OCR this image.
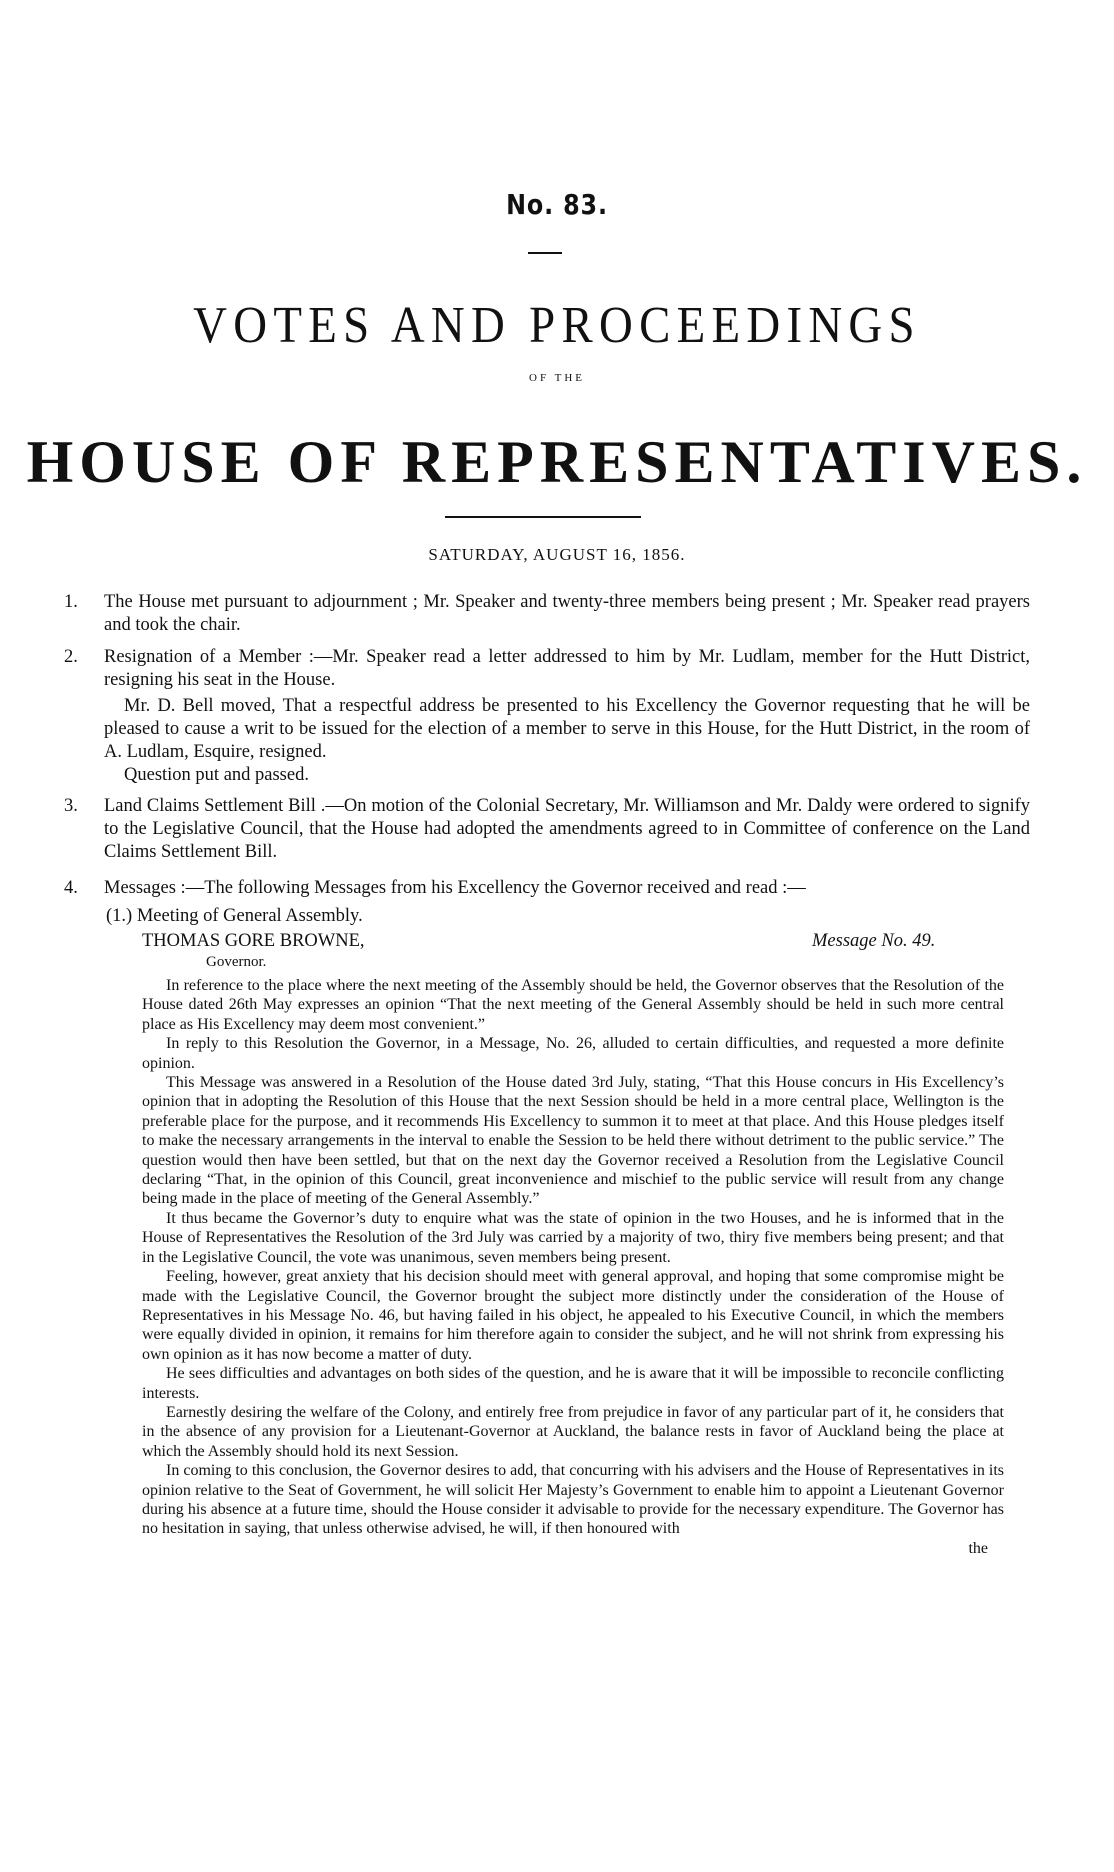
No. 83.
VOTES AND PROCEEDINGS
OF THE
HOUSE OF REPRESENTATIVES.
SATURDAY, AUGUST 16, 1856.

1. The House met pursuant to adjournment ; Mr. Speaker and twenty-three members being present ; Mr. Speaker read prayers and took the chair.

2. Resignation of a Member :—Mr. Speaker read a letter addressed to him by Mr. Ludlam, member for the Hutt District, resigning his seat in the House.

Mr. D. Bell moved, That a respectful address be presented to his Excellency the Governor requesting that he will be pleased to cause a writ to be issued for the election of a member to serve in this House, for the Hutt District, in the room of A. Ludlam, Esquire, resigned.

Question put and passed.

3. Land Claims Settlement Bill .—On motion of the Colonial Secretary, Mr. Williamson and Mr. Daldy were ordered to signify to the Legislative Council, that the House had adopted the amendments agreed to in Committee of conference on the Land Claims Settlement Bill.

4. Messages :—The following Messages from his Excellency the Governor received and read :—

(1.) Meeting of General Assembly.
THOMAS GORE BROWNE,	Message No. 49.
Governor.

In reference to the place where the next meeting of the Assembly should be held, the Governor observes that the Resolution of the House dated 26th May expresses an opinion “That the next meeting of the General Assembly should be held in such more central place as His Excellency may deem most convenient.”

In reply to this Resolution the Governor, in a Message, No. 26, alluded to certain difficulties, and requested a more definite opinion.

This Message was answered in a Resolution of the House dated 3rd July, stating, “That this House concurs in His Excellency’s opinion that in adopting the Resolution of this House that the next Session should be held in a more central place, Wellington is the preferable place for the purpose, and it recommends His Excellency to summon it to meet at that place. And this House pledges itself to make the necessary arrangements in the interval to enable the Session to be held there without detriment to the public service.” The question would then have been settled, but that on the next day the Governor received a Resolution from the Legislative Council declaring “That, in the opinion of this Council, great inconvenience and mischief to the public service will result from any change being made in the place of meeting of the General Assembly.”

It thus became the Governor’s duty to enquire what was the state of opinion in the two Houses, and he is informed that in the House of Representatives the Resolution of the 3rd July was carried by a majority of two, thiry five members being present; and that in the Legislative Council, the vote was unanimous, seven members being present.

Feeling, however, great anxiety that his decision should meet with general approval, and hoping that some compromise might be made with the Legislative Council, the Governor brought the subject more distinctly under the consideration of the House of Representatives in his Message No. 46, but having failed in his object, he appealed to his Executive Council, in which the members were equally divided in opinion, it remains for him therefore again to consider the subject, and he will not shrink from expressing his own opinion as it has now become a matter of duty.

He sees difficulties and advantages on both sides of the question, and he is aware that it will be impossible to reconcile conflicting interests.

Earnestly desiring the welfare of the Colony, and entirely free from prejudice in favor of any particular part of it, he considers that in the absence of any provision for a Lieutenant-Governor at Auckland, the balance rests in favor of Auckland being the place at which the Assembly should hold its next Session.

In coming to this conclusion, the Governor desires to add, that concurring with his advisers and the House of Representatives in its opinion relative to the Seat of Government, he will solicit Her Majesty’s Government to enable him to appoint a Lieutenant Governor during his absence at a future time, should the House consider it advisable to provide for the necessary expenditure. The Governor has no hesitation in saying, that unless otherwise advised, he will, if then honoured with

the
